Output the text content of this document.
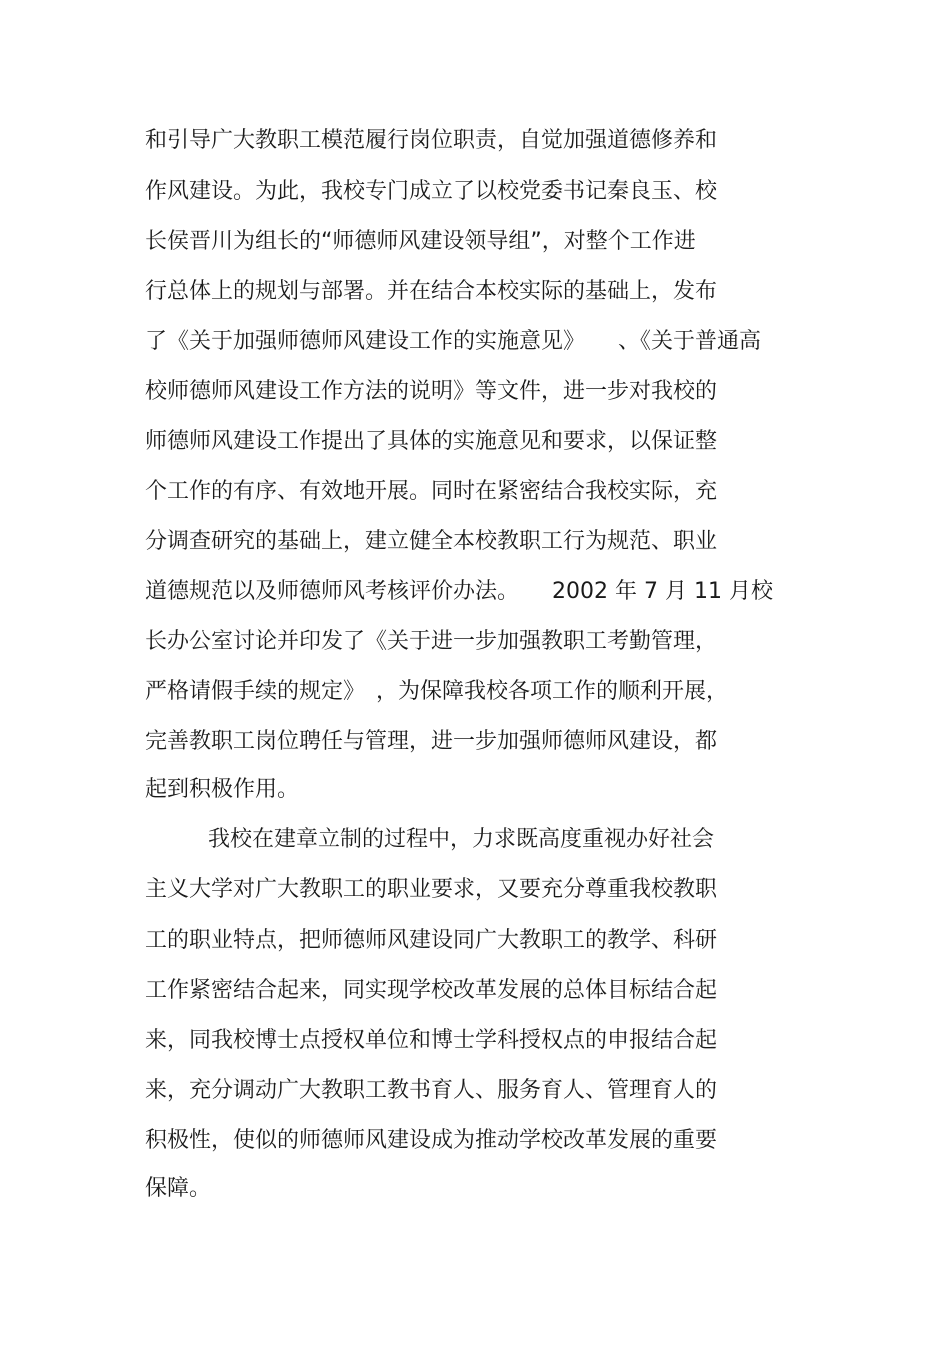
和引导广大教职工模范履行岗位职责，自觉加强道德修养和
作风建设。为此，我校专门成立了以校党委书记秦良玉、校
长侯晋川为组长的“师德师风建设领导组”，对整个工作进
行总体上的规划与部署。并在结合本校实际的基础上，发布
了《关于加强师德师风建设工作的实施意见》　　、《关于普通高
校师德师风建设工作方法的说明》等文件，进一步对我校的
师德师风建设工作提出了具体的实施意见和要求，以保证整
个工作的有序、有效地开展。同时在紧密结合我校实际，充
分调查研究的基础上，建立健全本校教职工行为规范、职业
道德规范以及师德师风考核评价办法。　　2002 年 7 月 11 月校
长办公室讨论并印发了《关于进一步加强教职工考勤管理，
严格请假手续的规定》　，为保障我校各项工作的顺利开展，
完善教职工岗位聘任与管理，进一步加强师德师风建设，都
起到积极作用。
我校在建章立制的过程中，力求既高度重视办好社会
主义大学对广大教职工的职业要求，又要充分尊重我校教职
工的职业特点，把师德师风建设同广大教职工的教学、科研
工作紧密结合起来，同实现学校改革发展的总体目标结合起
来，同我校博士点授权单位和博士学科授权点的申报结合起
来，充分调动广大教职工教书育人、服务育人、管理育人的
积极性，使似的师德师风建设成为推动学校改革发展的重要
保障。
